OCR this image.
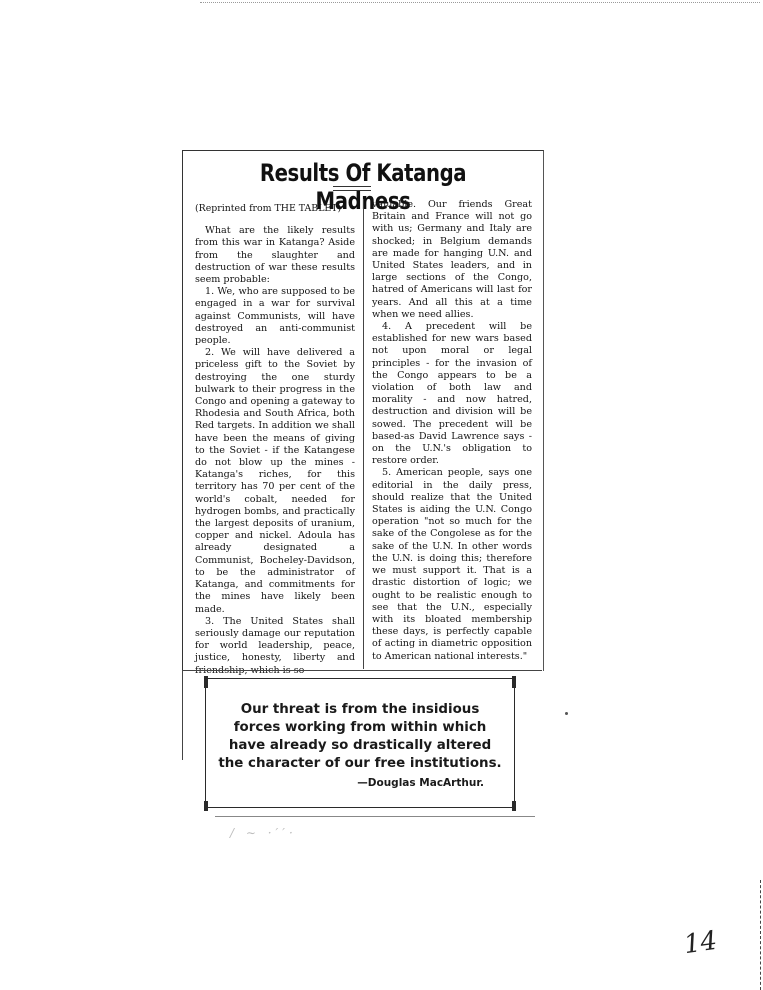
Results Of Katanga Madness

(Reprinted from THE TABLET)

What are the likely results from this war in Katanga? Aside from the slaughter and destruction of war these results seem probable:

1. We, who are supposed to be engaged in a war for survival against Communists, will have destroyed an anti-communist people.

2. We will have delivered a priceless gift to the Soviet by destroying the one sturdy bulwark to their progress in the Congo and opening a gateway to Rhodesia and South Africa, both Red targets. In addition we shall have been the means of giving to the Soviet - if the Katangese do not blow up the mines - Katanga's riches, for this territory has 70 per cent of the world's cobalt, needed for hydrogen bombs, and practically the largest deposits of uranium, copper and nickel. Adoula has already designated a Communist, Bocheley-Davidson, to be the administrator of Katanga, and commitments for the mines have likely been made.

3. The United States shall seriously damage our reputation for world leadership, peace, justice, honesty, liberty and friendship, which is so

valuable. Our friends Great Britain and France will not go with us; Germany and Italy are shocked; in Belgium demands are made for hanging U.N. and United States leaders, and in large sections of the Congo, hatred of Americans will last for years. And all this at a time when we need allies.

4. A precedent will be established for new wars based not upon moral or legal principles - for the invasion of the Congo appears to be a violation of both law and morality - and now hatred, destruction and division will be sowed. The precedent will be based-as David Lawrence says - on the U.N.'s obligation to restore order.

5. American people, says one editorial in the daily press, should realize that the United States is aiding the U.N. Congo operation "not so much for the sake of the Congolese as for the sake of the U.N. In other words the U.N. is doing this; therefore we must support it. That is a drastic distortion of logic; we ought to be realistic enough to see that the U.N., especially with its bloated membership these days, is perfectly capable of acting in diametric opposition to American national interests."

Our threat is from the insidious
forces working from within which
have already so drastically altered
the character of our free institutions.
—Douglas MacArthur.
/ ∼ ·′′·
14
